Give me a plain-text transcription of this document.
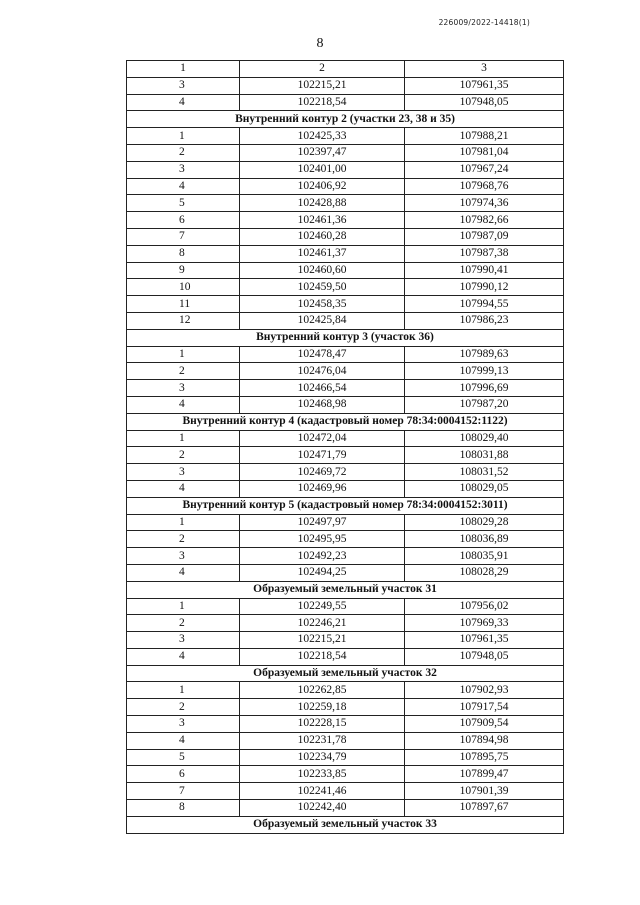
226009/2022-14418(1)
8
1	2	3
3	102215,21	107961,35
4	102218,54	107948,05
Внутренний контур 2 (участки 23, 38 и 35)		
1	102425,33	107988,21
2	102397,47	107981,04
3	102401,00	107967,24
4	102406,92	107968,76
5	102428,88	107974,36
6	102461,36	107982,66
7	102460,28	107987,09
8	102461,37	107987,38
9	102460,60	107990,41
10	102459,50	107990,12
11	102458,35	107994,55
12	102425,84	107986,23
Внутренний контур 3 (участок 36)		
1	102478,47	107989,63
2	102476,04	107999,13
3	102466,54	107996,69
4	102468,98	107987,20
Внутренний контур 4 (кадастровый номер 78:34:0004152:1122)		
1	102472,04	108029,40
2	102471,79	108031,88
3	102469,72	108031,52
4	102469,96	108029,05
Внутренний контур 5 (кадастровый номер 78:34:0004152:3011)		
1	102497,97	108029,28
2	102495,95	108036,89
3	102492,23	108035,91
4	102494,25	108028,29
Образуемый земельный участок 31		
1	102249,55	107956,02
2	102246,21	107969,33
3	102215,21	107961,35
4	102218,54	107948,05
Образуемый земельный участок 32		
1	102262,85	107902,93
2	102259,18	107917,54
3	102228,15	107909,54
4	102231,78	107894,98
5	102234,79	107895,75
6	102233,85	107899,47
7	102241,46	107901,39
8	102242,40	107897,67
Образуемый земельный участок 33		
